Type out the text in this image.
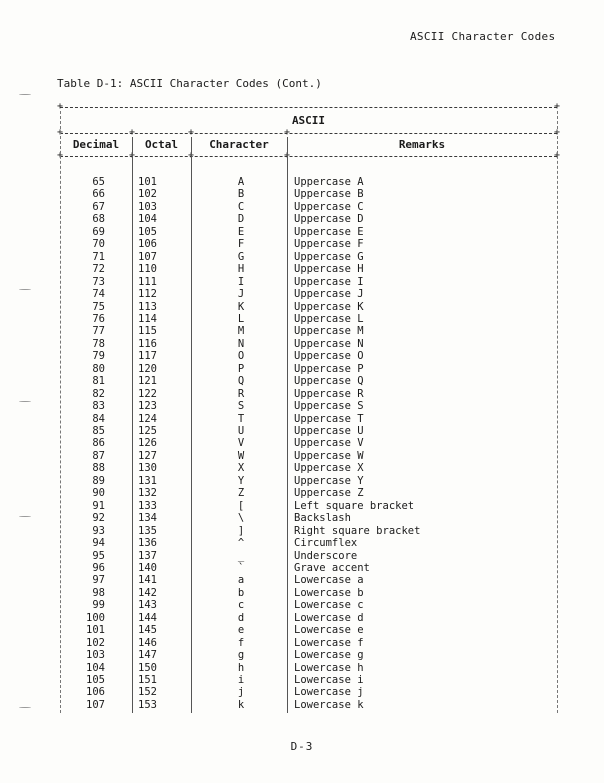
ASCII Character Codes
Table D-1: ASCII Character Codes (Cont.)
+	+
+	+	+	+	+
+	+	+	+	+
ASCII
Decimal	Octal	Character	Remarks
65	101	A	Uppercase A
66	102	B	Uppercase B
67	103	C	Uppercase C
68	104	D	Uppercase D
69	105	E	Uppercase E
70	106	F	Uppercase F
71	107	G	Uppercase G
72	110	H	Uppercase H
73	111	I	Uppercase I
74	112	J	Uppercase J
75	113	K	Uppercase K
76	114	L	Uppercase L
77	115	M	Uppercase M
78	116	N	Uppercase N
79	117	O	Uppercase O
80	120	P	Uppercase P
81	121	Q	Uppercase Q
82	122	R	Uppercase R
83	123	S	Uppercase S
84	124	T	Uppercase T
85	125	U	Uppercase U
86	126	V	Uppercase V
87	127	W	Uppercase W
88	130	X	Uppercase X
89	131	Y	Uppercase Y
90	132	Z	Uppercase Z
91	133	[	Left square bracket
92	134	\	Backslash
93	135	]	Right square bracket
94	136	^	Circumflex
95	137	_	Underscore
96	140	`	Grave accent
97	141	a	Lowercase a
98	142	b	Lowercase b
99	143	c	Lowercase c
100	144	d	Lowercase d
101	145	e	Lowercase e
102	146	f	Lowercase f
103	147	g	Lowercase g
104	150	h	Lowercase h
105	151	i	Lowercase i
106	152	j	Lowercase j
107	153	k	Lowercase k
D-3
